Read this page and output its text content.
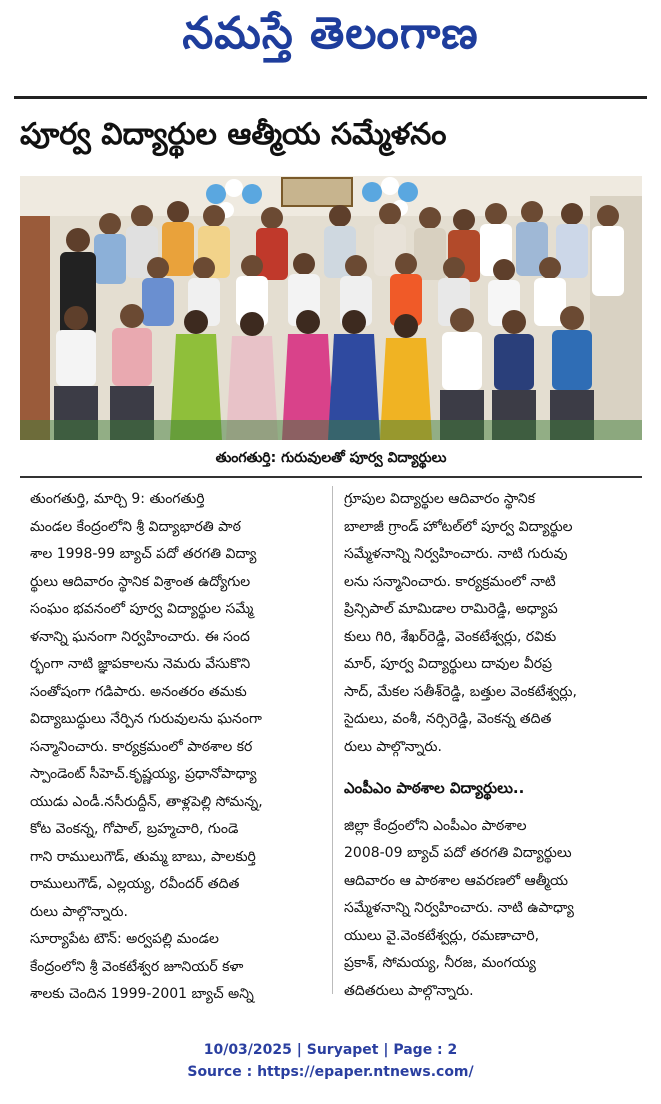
నమస్తే తెలంగాణ
పూర్వ విద్యార్థుల ఆత్మీయ సమ్మేళనం
తుంగతుర్తి: గురువులతో పూర్వ విద్యార్థులు
తుంగతుర్తి, మార్చి 9: తుంగతుర్తి
మండల కేంద్రంలోని శ్రీ విద్యాభారతి పాఠ
శాల 1998-99 బ్యాచ్ పదో తరగతి విద్యా
ర్థులు ఆదివారం స్థానిక విశ్రాంత ఉద్యోగుల
సంఘం భవనంలో పూర్వ విద్యార్థుల సమ్మే
ళనాన్ని ఘనంగా నిర్వహించారు. ఈ సంద
ర్భంగా నాటి జ్ఞాపకాలను నెమరు వేసుకొని
సంతోషంగా గడిపారు. అనంతరం తమకు
విద్యాబుద్ధులు నేర్పిన గురువులను ఘనంగా
సన్మానించారు. కార్యక్రమంలో పాఠశాల కర
స్పాండెంట్ సీహెచ్.కృష్ణయ్య, ప్రధానోపాధ్యా
యుడు ఎండీ.నసీరుద్దీన్, తాళ్లపెల్లి సోమన్న,
కోట వెంకన్న, గోపాల్, బ్రహ్మచారి, గుండె
గాని రాములుగౌడ్, తుమ్మ బాబు, పాలకుర్తి
రాములుగౌడ్, ఎల్లయ్య, రవీందర్ తదిత
రులు పాల్గొన్నారు.
సూర్యాపేట టౌన్: అర్వపల్లి మండల
కేంద్రంలోని శ్రీ వెంకటేశ్వర జూనియర్ కళా
శాలకు చెందిన 1999-2001 బ్యాచ్ అన్ని
గ్రూపుల విద్యార్థుల ఆదివారం స్థానిక
బాలాజీ గ్రాండ్ హోటల్‌లో పూర్వ విద్యార్థుల
సమ్మేళనాన్ని నిర్వహించారు. నాటి గురువు
లను సన్మానించారు. కార్యక్రమంలో నాటి
ప్రిన్సిపాల్ మామిడాల రామిరెడ్డి, అధ్యాప
కులు గిరి, శేఖర్‌రెడ్డి, వెంకటేశ్వర్లు, రవికు
మార్, పూర్వ విద్యార్థులు దావుల వీరప్ర
సాద్, మేకల సతీశ్‌రెడ్డి, బత్తుల వెంకటేశ్వర్లు,
సైదులు, వంశీ, నర్సిరెడ్డి, వెంకన్న తదిత
రులు పాల్గొన్నారు.
ఎంపీఎం పాఠశాల విద్యార్థులు..
జిల్లా కేంద్రంలోని ఎంపీఎం పాఠశాల
2008-09 బ్యాచ్ పదో తరగతి విద్యార్థులు
ఆదివారం ఆ పాఠశాల ఆవరణలో ఆత్మీయ
సమ్మేళనాన్ని నిర్వహించారు. నాటి ఉపాధ్యా
యులు వై.వెంకటేశ్వర్లు, రమణాచారి,
ప్రకాశ్, సోమయ్య, నీరజ, మంగయ్య
తదితరులు పాల్గొన్నారు.
10/03/2025 | Suryapet | Page : 2
Source : https://epaper.ntnews.com/
